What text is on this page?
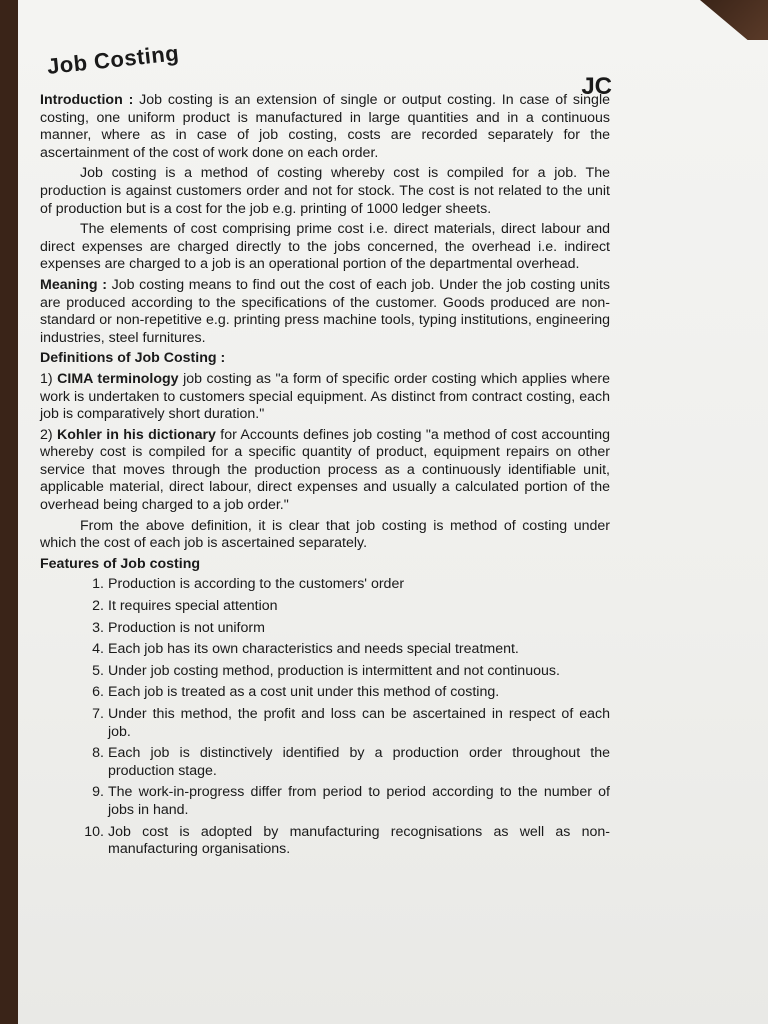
Job Costing
JC

Introduction : Job costing is an extension of single or output costing. In case of single costing, one uniform product is manufactured in large quantities and in a continuous manner, where as in case of job costing, costs are recorded separately for the ascertainment of the cost of work done on each order.

Job costing is a method of costing whereby cost is compiled for a job. The production is against customers order and not for stock. The cost is not related to the unit of production but is a cost for the job e.g. printing of 1000 ledger sheets.

The elements of cost comprising prime cost i.e. direct materials, direct labour and direct expenses are charged directly to the jobs concerned, the overhead i.e. indirect expenses are charged to a job is an operational portion of the departmental overhead.

Meaning : Job costing means to find out the cost of each job. Under the job costing units are produced according to the specifications of the customer. Goods produced are non-standard or non-repetitive e.g. printing press machine tools, typing institutions, engineering industries, steel furnitures.

Definitions of Job Costing :

1) CIMA terminology job costing as "a form of specific order costing which applies where work is undertaken to customers special equipment. As distinct from contract costing, each job is comparatively short duration."

2) Kohler in his dictionary for Accounts defines job costing "a method of cost accounting whereby cost is compiled for a specific quantity of product, equipment repairs on other service that moves through the production process as a continuously identifiable unit, applicable material, direct labour, direct expenses and usually a calculated portion of the overhead being charged to a job order."

From the above definition, it is clear that job costing is method of costing under which the cost of each job is ascertained separately.

Features of Job costing
1. Production is according to the customers' order
2. It requires special attention
3. Production is not uniform
4. Each job has its own characteristics and needs special treatment.
5. Under job costing method, production is intermittent and not continuous.
6. Each job is treated as a cost unit under this method of costing.
7. Under this method, the profit and loss can be ascertained in respect of each job.
8. Each job is distinctively identified by a production order throughout the production stage.
9. The work-in-progress differ from period to period according to the number of jobs in hand.
10. Job cost is adopted by manufacturing recognisations as well as non-manufacturing organisations.
